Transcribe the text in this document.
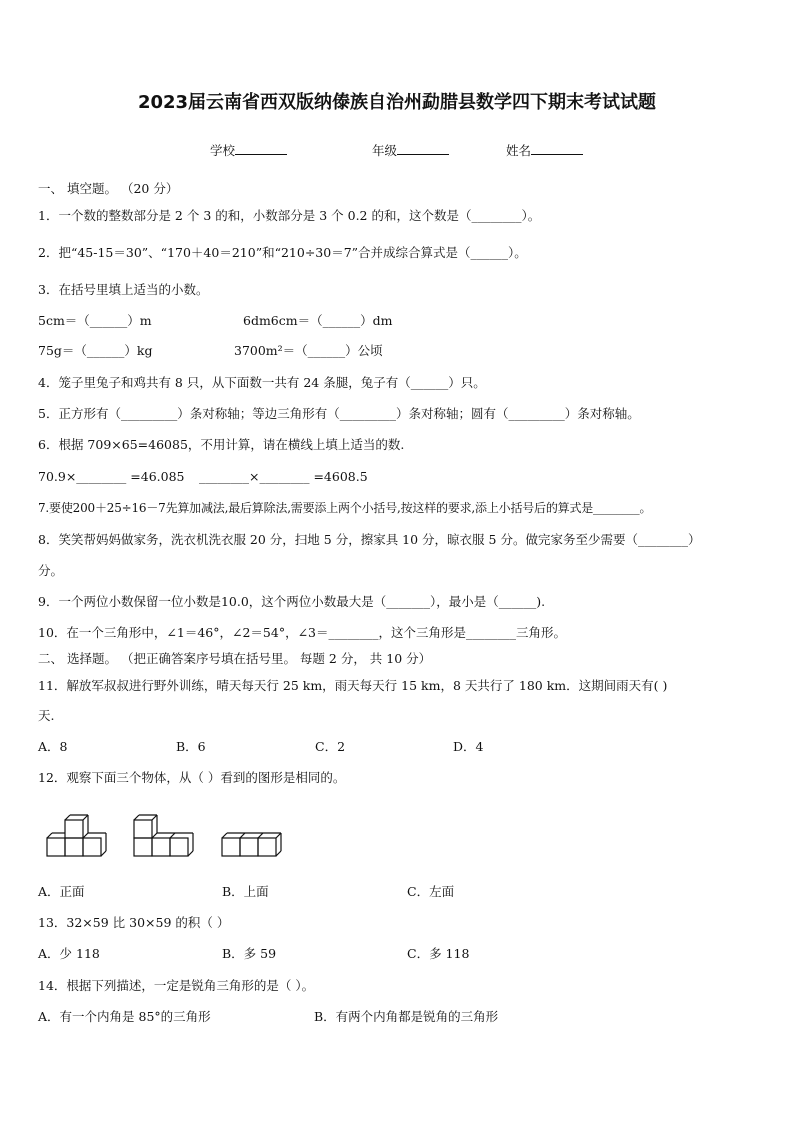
2023届云南省西双版纳傣族自治州勐腊县数学四下期末考试试题
学校	年级	姓名
一、 填空题。 （20 分）
1．一个数的整数部分是 2 个 3 的和，小数部分是 3 个 0.2 的和，这个数是（________）。
2．把“45-15＝30”、“170＋40＝210”和“210÷30＝7”合并成综合算式是（______）。
3．在括号里填上适当的小数。
5cm＝（______）m	6dm6cm＝（______）dm
75g＝（______）kg	3700m²＝（______）公顷
4．笼子里兔子和鸡共有 8 只，从下面数一共有 24 条腿，兔子有（______）只。
5．正方形有（_________）条对称轴；等边三角形有（_________）条对称轴；圆有（_________）条对称轴。
6．根据 709×65=46085，不用计算，请在横线上填上适当的数.
70.9×________ =46.085 ________×________ =4608.5
7.要使200＋25÷16－7先算加减法,最后算除法,需要添上两个小括号,按这样的要求,添上小括号后的算式是________。
8．笑笑帮妈妈做家务，洗衣机洗衣服 20 分，扫地 5 分，擦家具 10 分，晾衣服 5 分。做完家务至少需要（________）
分。
9．一个两位小数保留一位小数是10.0，这个两位小数最大是（_______），最小是（______).
10．在一个三角形中，∠1＝46°，∠2＝54°，∠3＝________，这个三角形是________三角形。
二、 选择题。 （把正确答案序号填在括号里。 每题 2 分， 共 10 分）
11．解放军叔叔进行野外训练，晴天每天行 25 km，雨天每天行 15 km，8 天共行了 180 km．这期间雨天有( )
天.
A．8	B．6	C．2	D．4
12．观察下面三个物体，从（ ）看到的图形是相同的。
A．正面	B．上面	C．左面
13．32×59 比 30×59 的积（ ）
A．少 118	B．多 59	C．多 118
14．根据下列描述，一定是锐角三角形的是（ ）。
A．有一个内角是 85°的三角形	B．有两个内角都是锐角的三角形
